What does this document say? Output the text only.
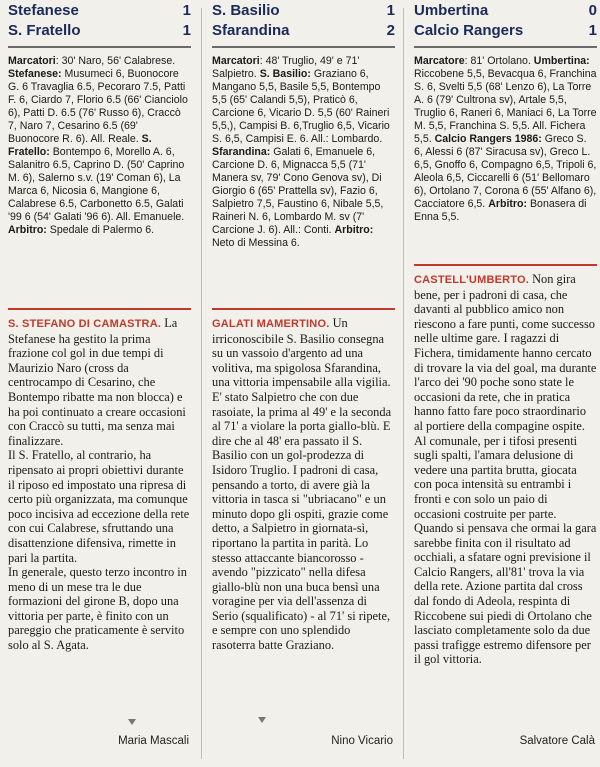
Stefanese	1
S. Fratello	1
Marcatori: 30' Naro, 56' Calabrese. Stefanese: Musumeci 6, Buonocore G. 6 Travaglia 6.5, Pecoraro 7.5, Patti F. 6, Ciardo 7, Florio 6.5 (66' Cianciolo 6), Patti D. 6.5 (76' Russo 6), Craccò 7, Naro 7, Cesarino 6.5 (69' Buonocore R. 6). All. Reale. S. Fratello: Bontempo 6, Morello A. 6, Salanitro 6.5, Caprino D. (50' Caprino M. 6), Salerno s.v. (19' Coman 6), La Marca 6, Nicosia 6, Mangione 6, Calabrese 6.5, Carbonetto 6.5, Galati '99 6 (54' Galati '96 6). All. Emanuele. Arbitro: Spedale di Palermo 6.

S. STEFANO DI CAMASTRA. La Stefanese ha gestito la prima frazione col gol in due tempi di Maurizio Naro (cross da centrocampo di Cesarino, che Bontempo ribatte ma non blocca) e ha poi continuato a creare occasioni con Craccò su tutti, ma senza mai finalizzare.
Il S. Fratello, al contrario, ha ripensato ai propri obiettivi durante il riposo ed impostato una ripresa di certo più organizzata, ma comunque poco incisiva ad eccezione della rete con cui Calabrese, sfruttando una disattenzione difensiva, rimette in pari la partita.
In generale, questo terzo incontro in meno di un mese tra le due formazioni del girone B, dopo una vittoria per parte, è finito con un pareggio che praticamente è servito solo al S. Agata.

Maria Mascali
S. Basilio	1
Sfarandina	2
Marcatori: 48' Truglio, 49' e 71' Salpietro. S. Basilio: Graziano 6, Mangano 5,5, Basile 5,5, Bontempo 5,5 (65' Calandi 5,5), Praticò 6, Carcione 6, Vicario D. 5,5 (60' Raineri 5,5,), Campisi B. 6,Truglio 6,5, Vicario S. 6,5, Campisi E. 6. All.: Lombardo. Sfarandina: Galati 6, Emanuele 6, Carcione D. 6, Mignacca 5,5 (71' Manera sv, 79' Cono Genova sv), Di Giorgio 6 (65' Prattella sv), Fazio 6, Salpietro 7,5, Faustino 6, Nibale 5,5, Raineri N. 6, Lombardo M. sv (7' Carcione J. 6). All.: Conti. Arbitro: Neto di Messina 6.

GALATI MAMERTINO. Un irriconoscibile S. Basilio consegna su un vassoio d'argento ad una volitiva, ma spigolosa Sfarandina, una vittoria impensabile alla vigilia. E' stato Salpietro che con due rasoiate, la prima al 49' e la seconda al 71' a violare la porta giallo-blù. E dire che al 48' era passato il S. Basilio con un gol-prodezza di Isidoro Truglio. I padroni di casa, pensando a torto, di avere già la vittoria in tasca si "ubriacano" e un minuto dopo gli ospiti, grazie come detto, a Salpietro in giornata-sì, riportano la partita in parità. Lo stesso attaccante biancorosso - avendo "pizzicato" nella difesa giallo-blù non una buca bensì una voragine per via dell'assenza di Serio (squalificato) - al 71' si ripete, e sempre con uno splendido rasoterra batte Graziano.

Nino Vicario
Umbertina	0
Calcio Rangers	1
Marcatore: 81' Ortolano. Umbertina: Riccobene 5,5, Bevacqua 6, Franchina S. 6, Svelti 5,5 (68' Lenzo 6), La Torre A. 6 (79' Cultrona sv), Artale 5,5, Truglio 6, Raneri 6, Maniaci 6, La Torre M. 5,5, Franchina S. 5,5. All. Fichera 5,5. Calcio Rangers 1986: Greco S. 6, Alessi 6 (87' Siracusa sv), Greco L. 6,5, Gnoffo 6, Compagno 6,5, Tripoli 6, Aleola 6,5, Ciccarelli 6 (51' Bellomaro 6), Ortolano 7, Corona 6 (55' Alfano 6), Cacciatore 6,5. Arbitro: Bonasera di Enna 5,5.

CASTELL'UMBERTO. Non gira bene, per i padroni di casa, che davanti al pubblico amico non riescono a fare punti, come successo nelle ultime gare. I ragazzi di Fichera, timidamente hanno cercato di trovare la via del goal, ma durante l'arco dei '90 poche sono state le occasioni da rete, che in pratica hanno fatto fare poco straordinario al portiere della compagine ospite. Al comunale, per i tifosi presenti sugli spalti, l'amara delusione di vedere una partita brutta, giocata con poca intensità su entrambi i fronti e con solo un paio di occasioni costruite per parte.
Quando si pensava che ormai la gara sarebbe finita con il risultato ad occhiali, a sfatare ogni previsione il Calcio Rangers, all'81' trova la via della rete. Azione partita dal cross dal fondo di Adeola, respinta di Riccobene sui piedi di Ortolano che lasciato completamente solo da due passi trafigge estremo difensore per il gol vittoria.

Salvatore Calà
